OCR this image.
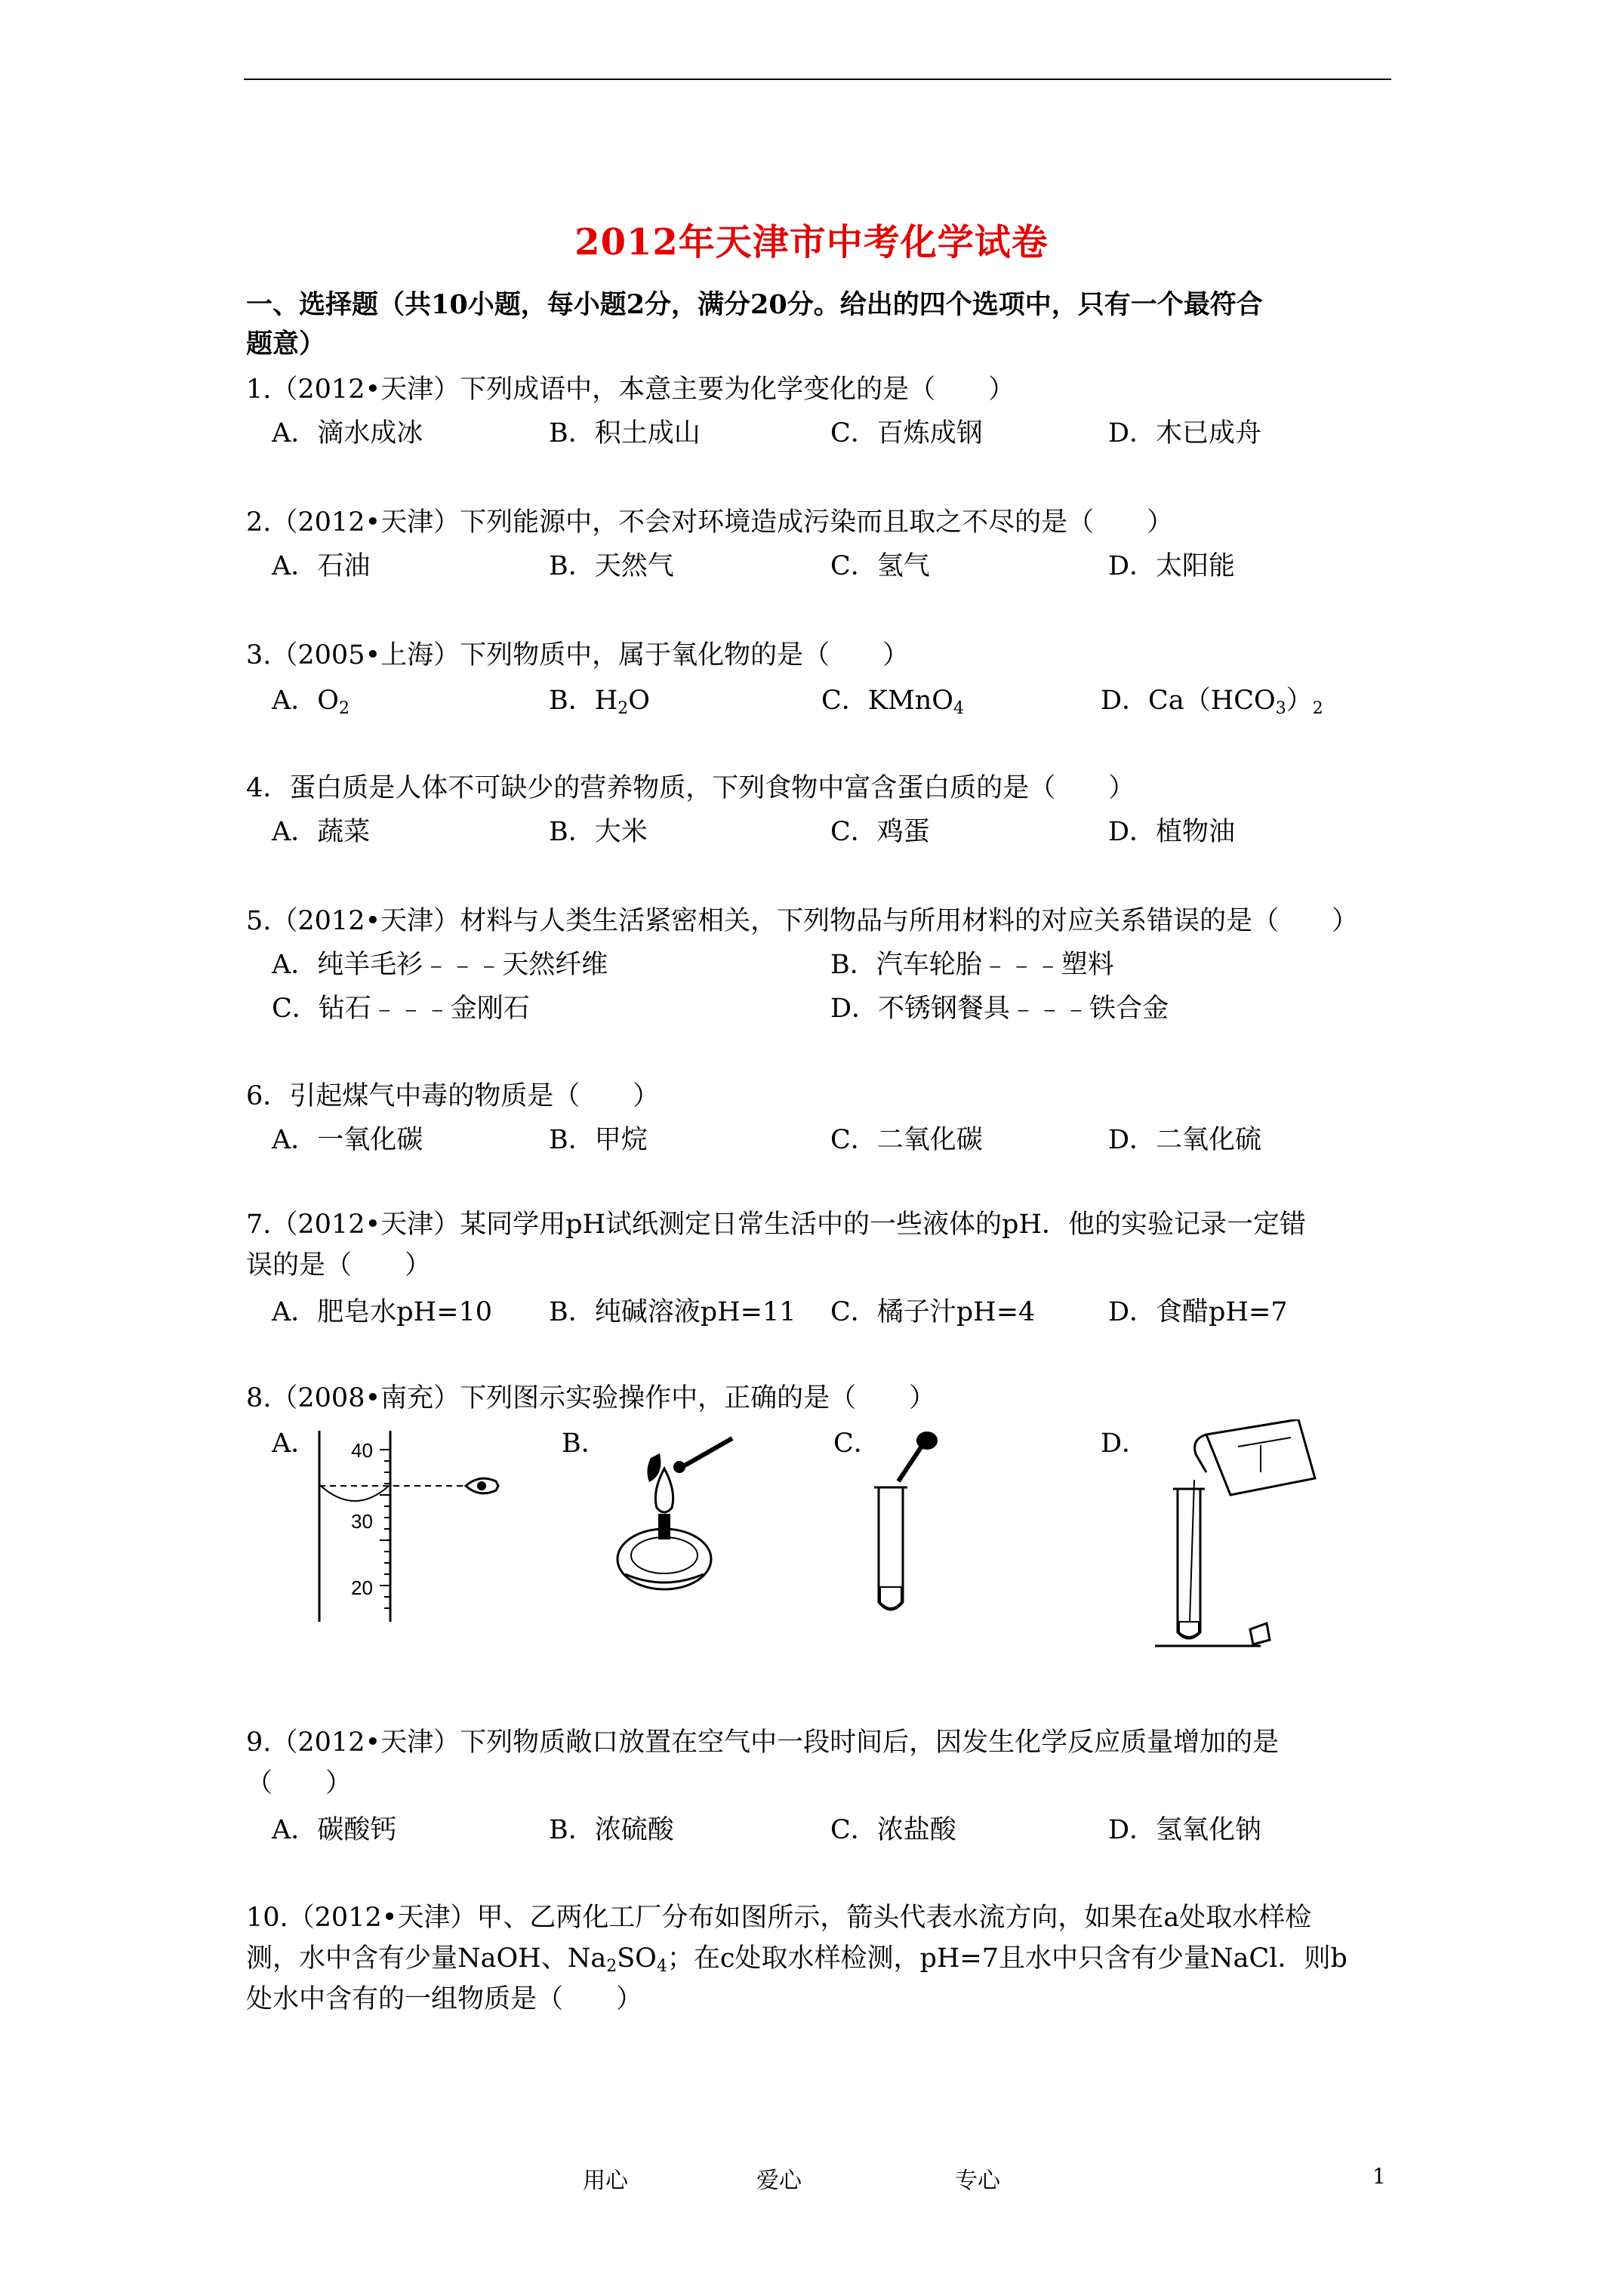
2012年天津市中考化学试卷
一、选择题（共10小题，每小题2分，满分20分。给出的四个选项中，只有一个最符合
题意）
1.（2012•天津）下列成语中，本意主要为化学变化的是（　　）
A．滴水成冰	B．积土成山	C．百炼成钢	D．木已成舟
2.（2012•天津）下列能源中，不会对环境造成污染而且取之不尽的是（　　）
A．石油	B．天然气	C．氢气	D．太阳能
3.（2005•上海）下列物质中，属于氧化物的是（　　）
A．$O_2$	B．$H_2O$	C．KMnO$_4$	D．$Ca(HCO_3)_2$
4．蛋白质是人体不可缺少的营养物质，下列食物中富含蛋白质的是（　　）
A．蔬菜	B．大米	C．鸡蛋	D．植物油
5.（2012•天津）材料与人类生活紧密相关，下列物品与所用材料的对应关系错误的是（　　）
A．纯羊毛衫﹣﹣﹣天然纤维	B．汽车轮胎﹣﹣﹣塑料
C．钻石﹣﹣﹣金刚石	D．不锈钢餐具﹣﹣﹣铁合金
6．引起煤气中毒的物质是（　　）
A．一氧化碳	B．甲烷	C．二氧化碳	D．二氧化硫
7.（2012•天津）某同学用pH试纸测定日常生活中的一些液体的pH．他的实验记录一定错
误的是（　　）
A．肥皂水pH=10 B．纯碱溶液pH=11 C．橘子汁pH=4	D．食醋pH=7
8.（2008•南充）下列图示实验操作中，正确的是（　　）
A．	B．	C．	D．
40
30
20
9.（2012•天津）下列物质敞口放置在空气中一段时间后，因发生化学反应质量增加的是
（　　）
A．碳酸钙	B．浓硫酸	C．浓盐酸	D．氢氧化钠
10.（2012•天津）甲、乙两化工厂分布如图所示，箭头代表水流方向，如果在a处取水样检
测，水中含有少量NaOH、$Na_2SO_4$；在c处取水样检测，pH=7且水中只含有少量NaCl．则b
处水中含有的一组物质是（　　）
用心	爱心	专心	1
